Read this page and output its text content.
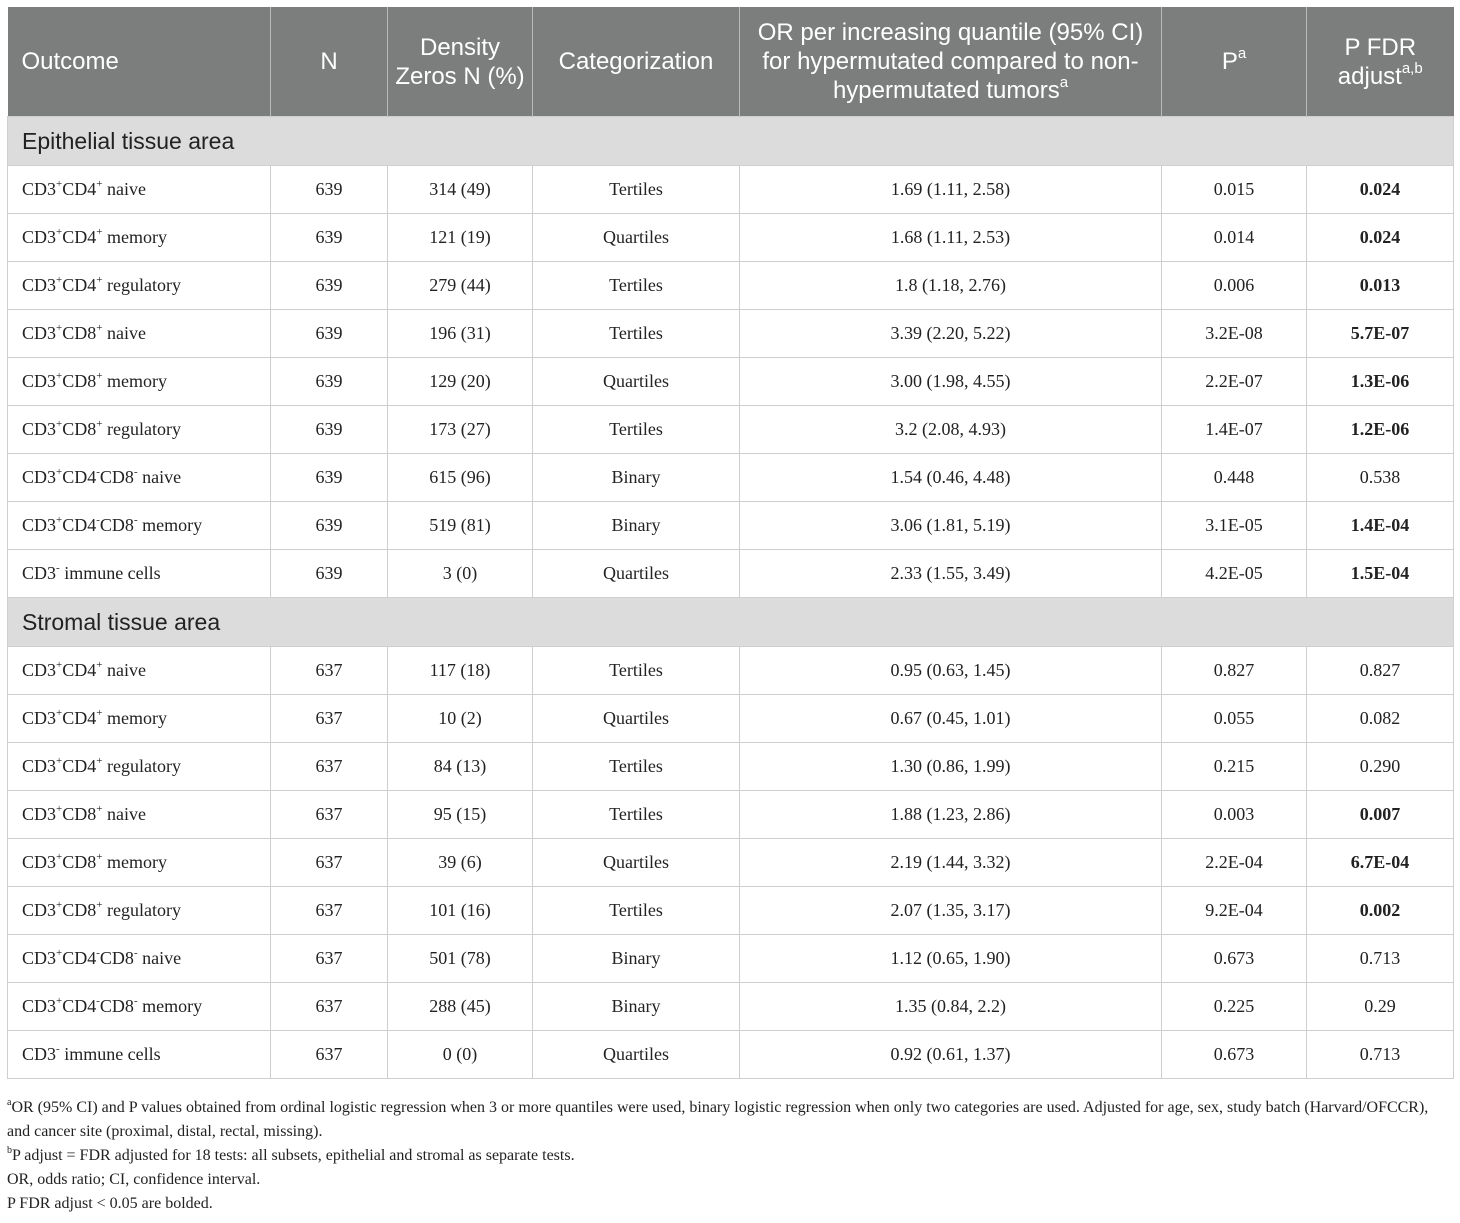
Outcome	N	Density Zeros N (%)	Categorization	OR per increasing quantile (95% CI) for hypermutated compared to non-hypermutated tumors$^a$	$P^a$	P FDR adjust$^{a,b}$
Epithelial tissue area						
CD3+CD4+ naive	639	314 (49)	Tertiles	1.69 (1.11, 2.58)	0.015	0.024
CD3+CD4+ memory	639	121 (19)	Quartiles	1.68 (1.11, 2.53)	0.014	0.024
CD3+CD4+ regulatory	639	279 (44)	Tertiles	1.8 (1.18, 2.76)	0.006	0.013
CD3+CD8+ naive	639	196 (31)	Tertiles	3.39 (2.20, 5.22)	3.2E-08	5.7E-07
CD3+CD8+ memory	639	129 (20)	Quartiles	3.00 (1.98, 4.55)	2.2E-07	1.3E-06
CD3+CD8+ regulatory	639	173 (27)	Tertiles	3.2 (2.08, 4.93)	1.4E-07	1.2E-06
CD3+CD4-CD8- naive	639	615 (96)	Binary	1.54 (0.46, 4.48)	0.448	0.538
CD3+CD4-CD8- memory	639	519 (81)	Binary	3.06 (1.81, 5.19)	3.1E-05	1.4E-04
CD3- immune cells	639	3 (0)	Quartiles	2.33 (1.55, 3.49)	4.2E-05	1.5E-04
Stromal tissue area						
CD3+CD4+ naive	637	117 (18)	Tertiles	0.95 (0.63, 1.45)	0.827	0.827
CD3+CD4+ memory	637	10 (2)	Quartiles	0.67 (0.45, 1.01)	0.055	0.082
CD3+CD4+ regulatory	637	84 (13)	Tertiles	1.30 (0.86, 1.99)	0.215	0.290
CD3+CD8+ naive	637	95 (15)	Tertiles	1.88 (1.23, 2.86)	0.003	0.007
CD3+CD8+ memory	637	39 (6)	Quartiles	2.19 (1.44, 3.32)	2.2E-04	6.7E-04
CD3+CD8+ regulatory	637	101 (16)	Tertiles	2.07 (1.35, 3.17)	9.2E-04	0.002
CD3+CD4-CD8- naive	637	501 (78)	Binary	1.12 (0.65, 1.90)	0.673	0.713
CD3+CD4-CD8- memory	637	288 (45)	Binary	1.35 (0.84, 2.2)	0.225	0.29
CD3- immune cells	637	0 (0)	Quartiles	0.92 (0.61, 1.37)	0.673	0.713

$^a$OR (95% CI) and P values obtained from ordinal logistic regression when 3 or more quantiles were used, binary logistic regression when only two categories are used. Adjusted for age, sex, study batch (Harvard/OFCCR), and cancer site (proximal, distal, rectal, missing).

$^b$P adjust = FDR adjusted for 18 tests: all subsets, epithelial and stromal as separate tests.

OR, odds ratio; CI, confidence interval.

P FDR adjust < 0.05 are bolded.
